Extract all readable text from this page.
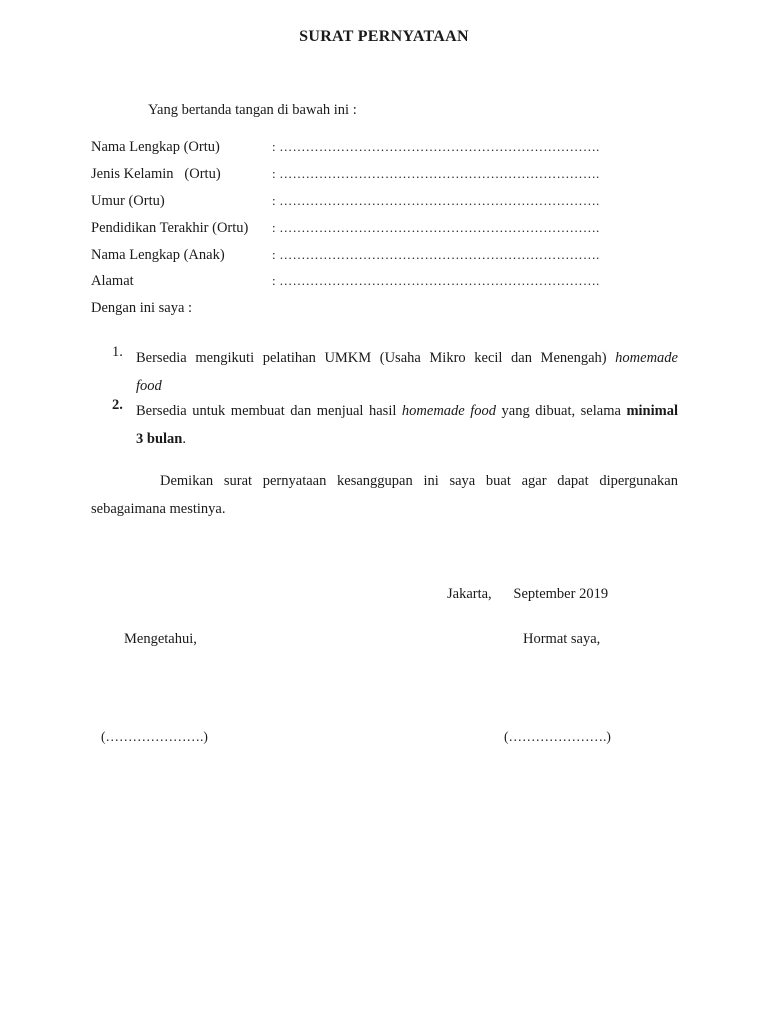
SURAT PERNYATAAN
Yang bertanda tangan di bawah ini :
Nama Lengkap (Ortu)	: ……………………………………………………………….
Jenis Kelamin   (Ortu)	: ……………………………………………………………….
Umur (Ortu)	: ……………………………………………………………….
Pendidikan Terakhir (Ortu) : ……………………………………………………………….
Nama Lengkap (Anak)	: ……………………………………………………………….
Alamat	: ……………………………………………………………….
Dengan ini saya :
1. Bersedia mengikuti pelatihan UMKM (Usaha Mikro kecil dan Menengah) homemade
food
2. Bersedia untuk membuat dan menjual hasil homemade food yang dibuat, selama minimal
3 bulan.
Demikan surat pernyataan kesanggupan ini saya buat agar dapat dipergunakan
sebagaimana mestinya.
Jakarta,      September 2019
Mengetahui,	Hormat saya,
(………………….)	(………………….)
